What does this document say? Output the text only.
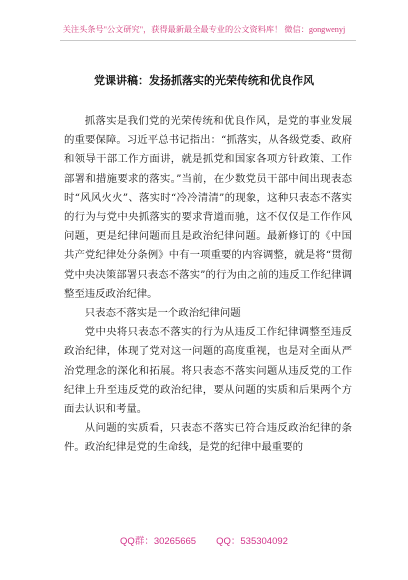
关注头条号"公文研究"，获得最新最全最专业的公文资料库！ 微信：gongwenyj
党课讲稿：发扬抓落实的光荣传统和优良作风

抓落实是我们党的光荣传统和优良作风，是党的事业发展的重要保障。习近平总书记指出：“抓落实，从各级党委、政府和领导干部工作方面讲，就是抓党和国家各项方针政策、工作部署和措施要求的落实。”当前，在少数党员干部中间出现表态时“风风火火”、落实时“冷冷清清”的现象，这种只表态不落实的行为与党中央抓落实的要求背道而驰，这不仅仅是工作作风问题，更是纪律问题而且是政治纪律问题。最新修订的《中国共产党纪律处分条例》中有一项重要的内容调整，就是将“贯彻党中央决策部署只表态不落实”的行为由之前的违反工作纪律调整至违反政治纪律。

只表态不落实是一个政治纪律问题

党中央将只表态不落实的行为从违反工作纪律调整至违反政治纪律，体现了党对这一问题的高度重视，也是对全面从严治党理念的深化和拓展。将只表态不落实问题从违反党的工作纪律上升至违反党的政治纪律，要从问题的实质和后果两个方面去认识和考量。

从问题的实质看，只表态不落实已符合违反政治纪律的条件。政治纪律是党的生命线，是党的纪律中最重要的

QQ群：30265665 QQ：535304092
